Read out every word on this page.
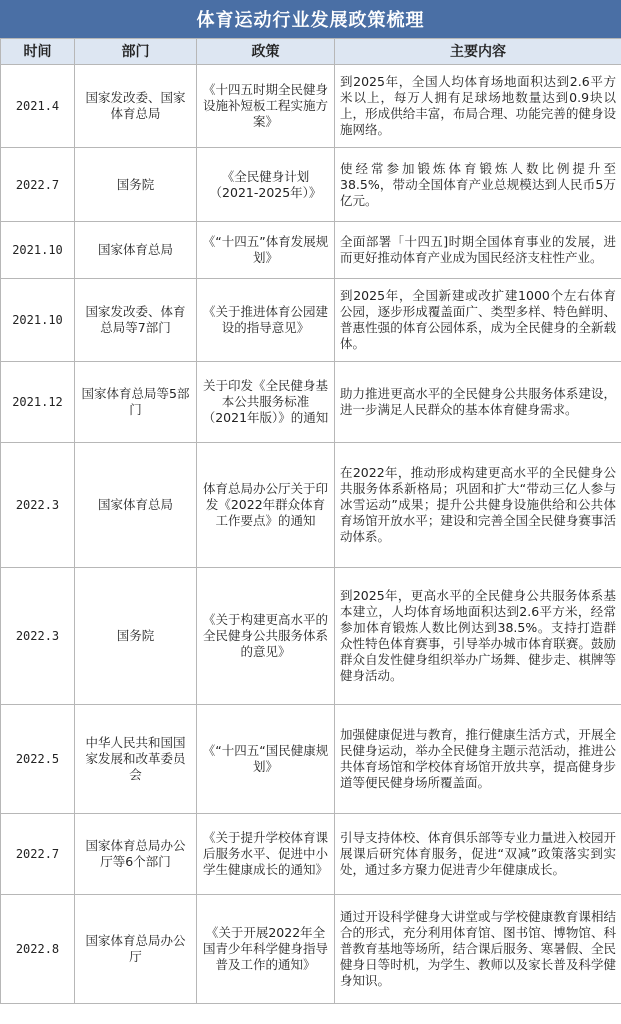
体育运动行业发展政策梳理
时间	部门	政策	主要内容
2021.4	国家发改委、国家体育总局	《十四五时期全民健身设施补短板工程实施方案》	到2025年，全国人均体育场地面积达到2.6平方米以上，每万人拥有足球场地数量达到0.9块以上，形成供给丰富，布局合理、功能完善的健身设施网络。
2022.7	国务院	《全民健身计划（2021-2025年）》	使经常参加锻炼体育锻炼人数比例提升至38.5%，带动全国体育产业总规模达到人民币5万亿元。
2021.10	国家体育总局	《“十四五”体育发展规划》	全面部署「十四五]时期全国体育事业的发展，进而更好推动体育产业成为国民经济支柱性产业。
2021.10	国家发改委、体育总局等7部门	《关于推进体育公园建设的指导意见》	到2025年，全国新建或改扩建1000个左右体育公园，逐步形成覆盖面广、类型多样、特色鲜明、普惠性强的体育公园体系，成为全民健身的全新载体。
2021.12	国家体育总局等5部门	关于印发《全民健身基本公共服务标准（2021年版）》的通知	助力推进更高水平的全民健身公共服务体系建设，进一步满足人民群众的基本体育健身需求。
2022.3	国家体育总局	体育总局办公厅关于印发《2022年群众体育工作要点》的通知	在2022年，推动形成构建更高水平的全民健身公共服务体系新格局；巩固和扩大“带动三亿人参与冰雪运动”成果；提升公共健身设施供给和公共体育场馆开放水平；建设和完善全国全民健身赛事活动体系。
2022.3	国务院	《关于构建更高水平的全民健身公共服务体系的意见》	到2025年，更高水平的全民健身公共服务体系基本建立，人均体育场地面积达到2.6平方米，经常参加体育锻炼人数比例达到38.5%。支持打造群众性特色体育赛事，引导举办城市体育联赛。鼓励群众自发性健身组织举办广场舞、健步走、棋牌等健身活动。
2022.5	中华人民共和国国家发展和改革委员会	《“十四五“国民健康规划》	加强健康促进与教育，推行健康生活方式，开展全民健身运动，举办全民健身主题示范活动，推进公共体育场馆和学校体育场馆开放共享，提高健身步道等便民健身场所覆盖面。
2022.7	国家体育总局办公厅等6个部门	《关于提升学校体育课后服务水平、促进中小学生健康成长的通知》	引导支持体校、体育俱乐部等专业力量进入校园开展课后研究体育服务，促进“双减”政策落实到实处，通过多方聚力促进青少年健康成长。
2022.8	国家体育总局办公厅	《关于开展2022年全国青少年科学健身指导普及工作的通知》	通过开设科学健身大讲堂或与学校健康教育课相结合的形式，充分利用体育馆、图书馆、博物馆、科普教育基地等场所，结合课后服务、寒暑假、全民健身日等时机，为学生、教师以及家长普及科学健身知识。
